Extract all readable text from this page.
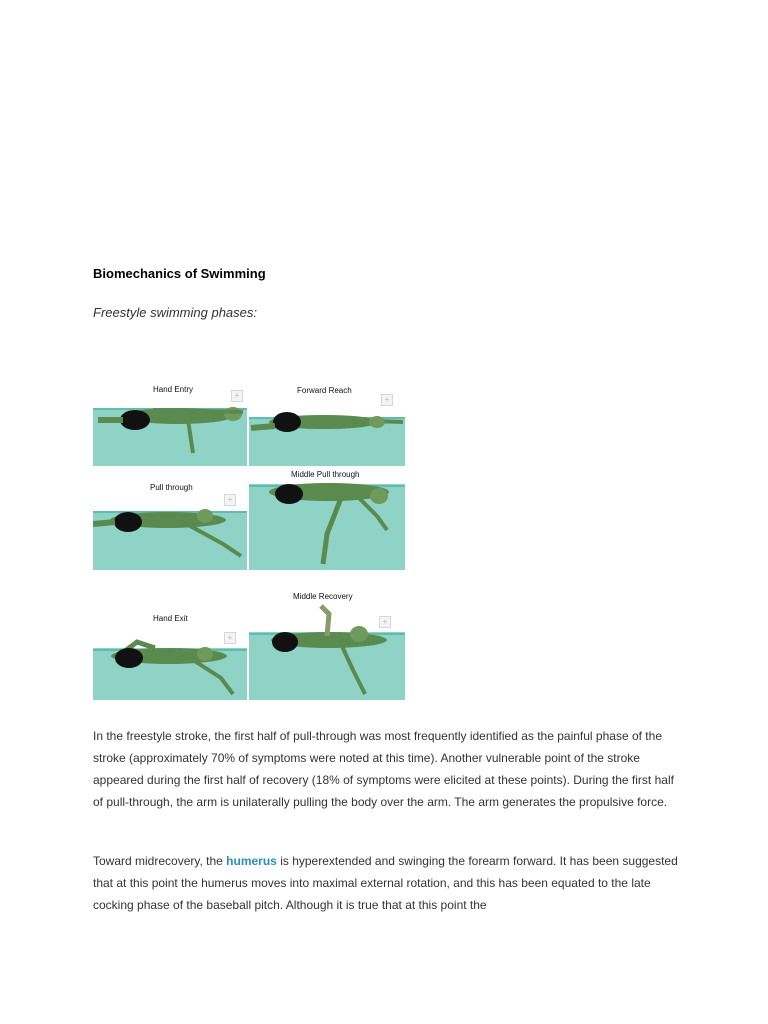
Biomechanics of Swimming
Freestyle swimming phases:
Hand Entry
+
Forward Reach
+
Pull through
+
Middle Pull through
Hand Exit
+
Middle Recovery
+

In the freestyle stroke, the first half of pull-through was most frequently identified as the painful phase of the stroke (approximately 70% of symptoms were noted at this time). Another vulnerable point of the stroke appeared during the first half of recovery (18% of symptoms were elicited at these points). During the first half of pull-through, the arm is unilaterally pulling the body over the arm. The arm generates the propulsive force.

Toward midrecovery, the humerus is hyperextended and swinging the forearm forward. It has been suggested that at this point the humerus moves into maximal external rotation, and this has been equated to the late cocking phase of the baseball pitch. Although it is true that at this point the
